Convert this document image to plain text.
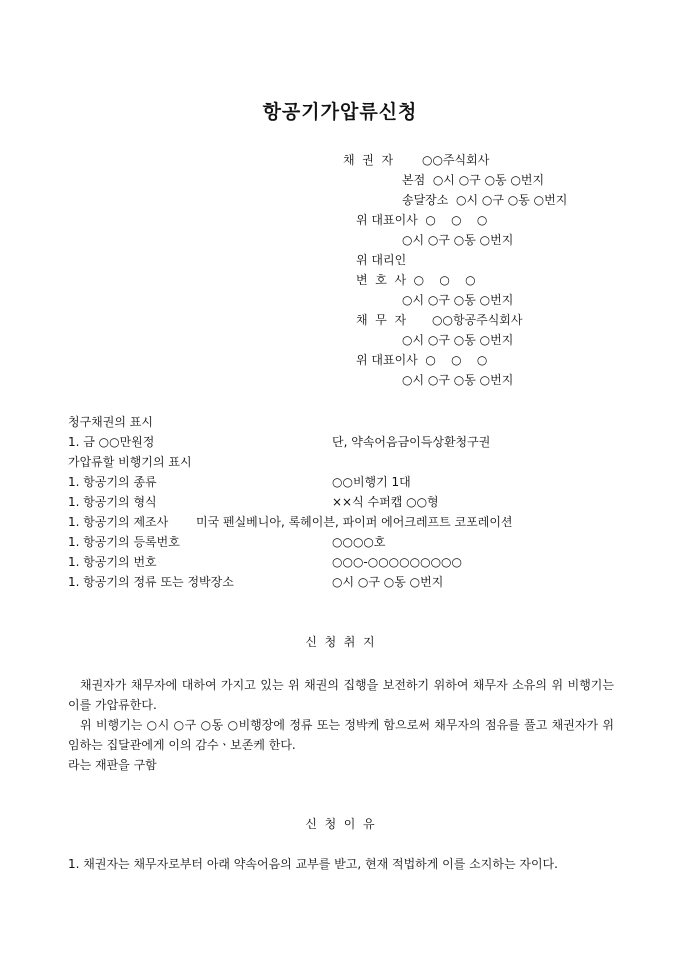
항공기가압류신청
채  권  자 ○○주식회사
본점  ○시 ○구 ○동 ○번지
송달장소  ○시 ○구 ○동 ○번지
위 대표이사  ○    ○    ○
○시 ○구 ○동 ○번지
위 대리인
변  호  사  ○    ○    ○
○시 ○구 ○동 ○번지
채  무  자 ○○항공주식회사
○시 ○구 ○동 ○번지
위 대표이사  ○    ○    ○
○시 ○구 ○동 ○번지
청구채권의 표시
1. 금 ○○만원정	단, 약속어음금이득상환청구권
가압류할 비행기의 표시
1. 항공기의 종류	○○비행기 1대
1. 항공기의 형식	××식 수퍼캡 ○○형
1. 항공기의 제조사 미국 펜실베니아, 록헤이븐, 파이퍼 에어크레프트 코포레이션
1. 항공기의 등록번호	○○○○호
1. 항공기의 번호	○○○-○○○○○○○○○
1. 항공기의 정류 또는 정박장소	○시 ○구 ○동 ○번지
신  청  취  지
채권자가 채무자에 대하여 가지고 있는 위 채권의 집행을 보전하기 위하여 채무자 소유의 위 비행기는 이를 가압류한다.
위 비행기는 ○시 ○구 ○동 ○비행장에 정류 또는 정박케 함으로써 채무자의 점유를 풀고 채권자가 위임하는 집달관에게 이의 감수ㆍ보존케 한다.
라는 재판을 구함
신  청  이  유
1. 채권자는 채무자로부터 아래 약속어음의 교부를 받고, 현재 적법하게 이를 소지하는 자이다.
